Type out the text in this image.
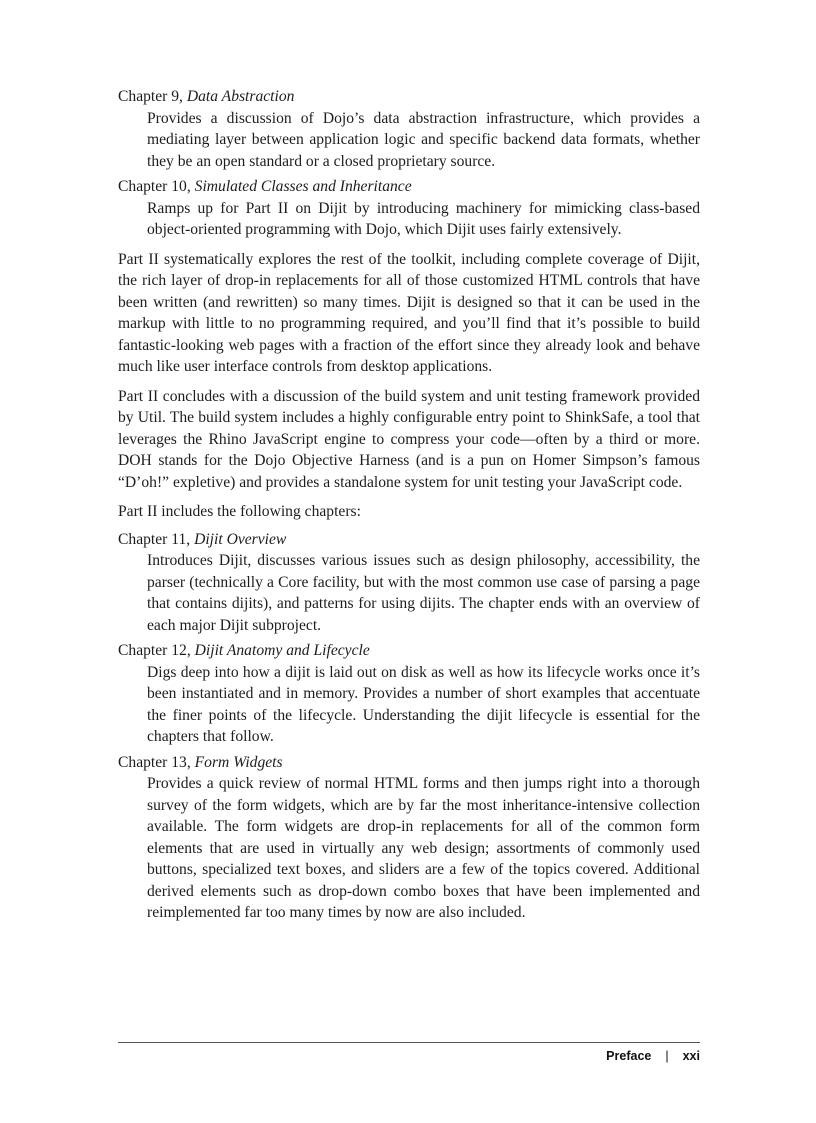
Chapter 9, Data Abstraction
Provides a discussion of Dojo’s data abstraction infrastructure, which provides a mediating layer between application logic and specific backend data formats, whether they be an open standard or a closed proprietary source.
Chapter 10, Simulated Classes and Inheritance
Ramps up for Part II on Dijit by introducing machinery for mimicking class-based object-oriented programming with Dojo, which Dijit uses fairly extensively.

Part II systematically explores the rest of the toolkit, including complete coverage of Dijit, the rich layer of drop-in replacements for all of those customized HTML controls that have been written (and rewritten) so many times. Dijit is designed so that it can be used in the markup with little to no programming required, and you’ll find that it’s possible to build fantastic-looking web pages with a fraction of the effort since they already look and behave much like user interface controls from desktop applications.

Part II concludes with a discussion of the build system and unit testing framework provided by Util. The build system includes a highly configurable entry point to ShinkSafe, a tool that leverages the Rhino JavaScript engine to compress your code—often by a third or more. DOH stands for the Dojo Objective Harness (and is a pun on Homer Simpson’s famous “D’oh!” expletive) and provides a standalone system for unit testing your JavaScript code.

Part II includes the following chapters:

Chapter 11, Dijit Overview
Introduces Dijit, discusses various issues such as design philosophy, accessibility, the parser (technically a Core facility, but with the most common use case of parsing a page that contains dijits), and patterns for using dijits. The chapter ends with an overview of each major Dijit subproject.
Chapter 12, Dijit Anatomy and Lifecycle
Digs deep into how a dijit is laid out on disk as well as how its lifecycle works once it’s been instantiated and in memory. Provides a number of short examples that accentuate the finer points of the lifecycle. Understanding the dijit lifecycle is essential for the chapters that follow.
Chapter 13, Form Widgets
Provides a quick review of normal HTML forms and then jumps right into a thorough survey of the form widgets, which are by far the most inheritance-intensive collection available. The form widgets are drop-in replacements for all of the common form elements that are used in virtually any web design; assortments of commonly used buttons, specialized text boxes, and sliders are a few of the topics covered. Additional derived elements such as drop-down combo boxes that have been implemented and reimplemented far too many times by now are also included.
Preface | xxi
